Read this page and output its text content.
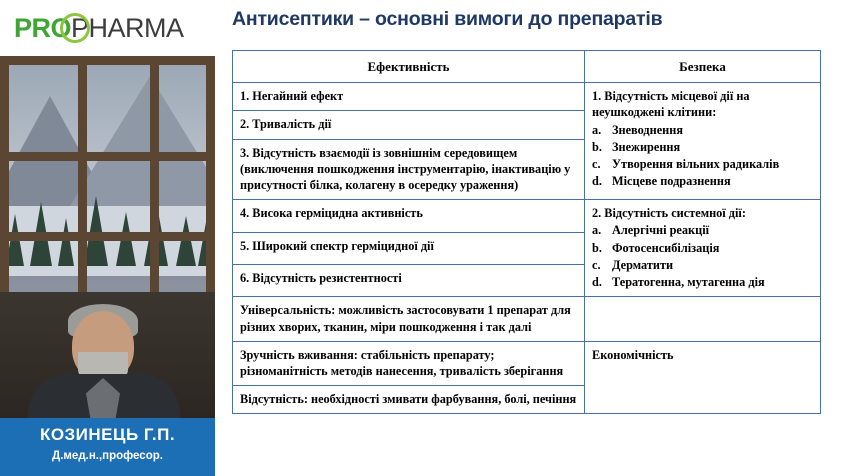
PROPHARMA
КОЗИНЕЦЬ Г.П.
Д.мед.н.,професор.
Антисептики – основні вимоги до препаратів
Ефективність	Безпека
1. Негайний ефект	1. Відсутність місцевої дії на неушкоджені клітини:
a. Зневоднення
b. Знежирення
c. Утворення вільних радикалів
d. Місцеве подразнення

2. Тривалість дії	
3. Відсутність взаємодії із зовнішнім середовищем (виключення пошкодження інструментарію, інактивацію у присутності білка, колагену в осередку ураження)	
4. Висока гермiцидна активність	2. Відсутність системної дії:
a. Алергічні реакції
b. Фотосенсибілізація
c. Дерматити
d. Тератогенна, мутагенна дія

5. Широкий спектр гермiцидної дії	
6. Відсутність резистентності	
Універсальність: можливість застосовувати 1 препарат для різних хворих, тканин, міри пошкодження і так далі	
Зручність вживання: стабільність препарату; різноманітність методів нанесення, тривалість зберігання	Економічність
Відсутність: необхідності змивати фарбування, болі, печіння	
